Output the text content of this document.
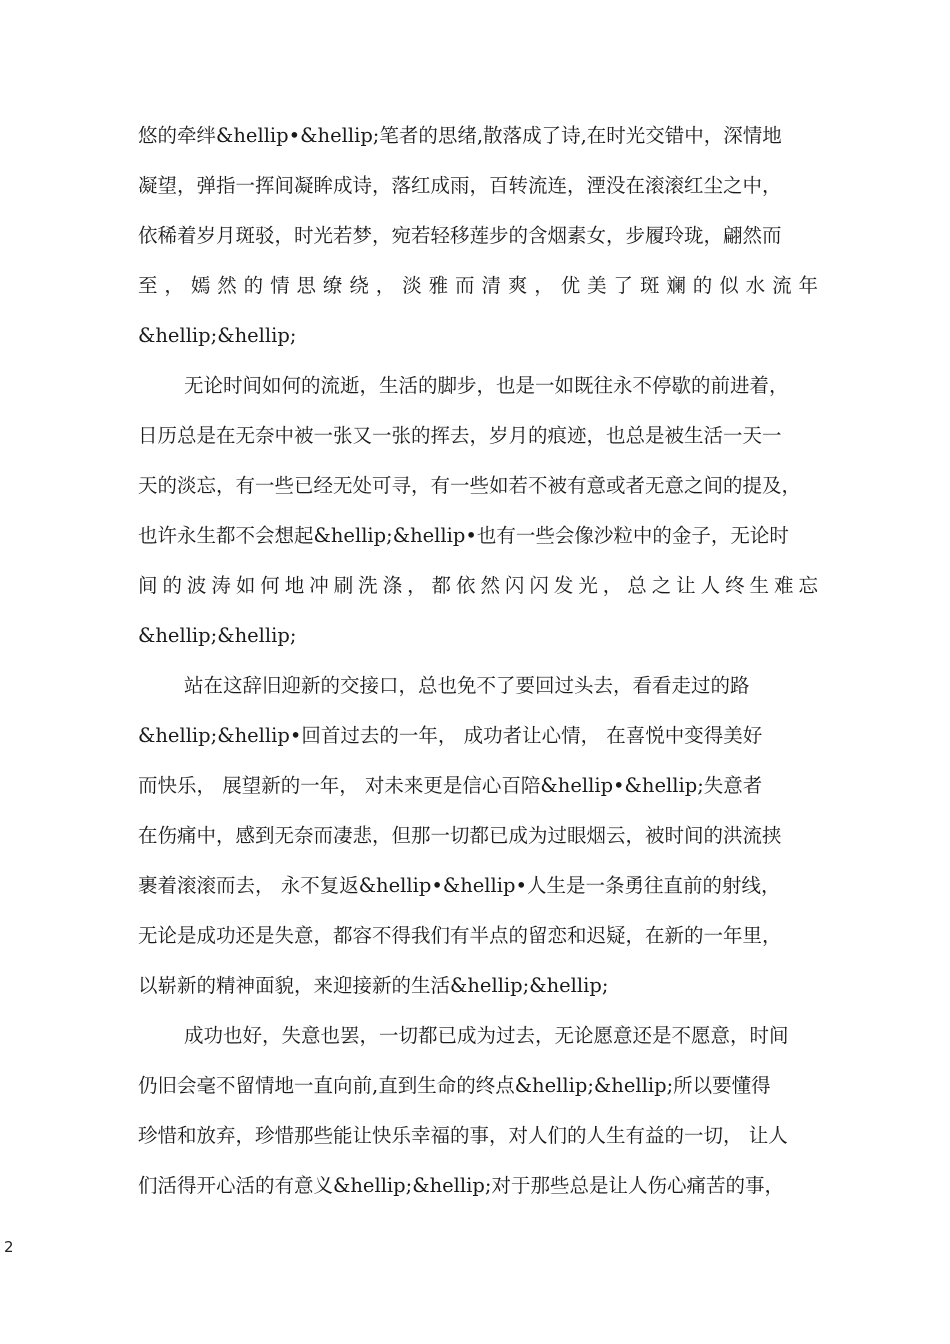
悠的牵绊&hellip•&hellip;笔者的思绪,散落成了诗,在时光交错中，深情地
凝望，弹指一挥间凝眸成诗，落红成雨，百转流连，湮没在滚滚红尘之中，
依稀着岁月斑驳，时光若梦，宛若轻移莲步的含烟素女，步履玲珑，翩然而
至，嫣然的情思缭绕，淡雅而清爽，优美了斑斓的似水流年
&hellip;&hellip;
无论时间如何的流逝，生活的脚步，也是一如既往永不停歇的前进着，
日历总是在无奈中被一张又一张的挥去，岁月的痕迹，也总是被生活一天一
天的淡忘，有一些已经无处可寻，有一些如若不被有意或者无意之间的提及，
也许永生都不会想起&hellip;&hellip•也有一些会像沙粒中的金子，无论时
间的波涛如何地冲刷洗涤，都依然闪闪发光，总之让人终生难忘
&hellip;&hellip;
站在这辞旧迎新的交接口，总也免不了要回过头去，看看走过的路
&hellip;&hellip•回首过去的一年， 成功者让心情， 在喜悦中变得美好
而快乐， 展望新的一年， 对未来更是信心百陪&hellip•&hellip;失意者
在伤痛中，感到无奈而凄悲，但那一切都已成为过眼烟云，被时间的洪流挟
裹着滚滚而去， 永不复返&hellip•&hellip•人生是一条勇往直前的射线，
无论是成功还是失意，都容不得我们有半点的留恋和迟疑，在新的一年里，
以崭新的精神面貌，来迎接新的生活&hellip;&hellip;
成功也好，失意也罢，一切都已成为过去，无论愿意还是不愿意，时间
仍旧会毫不留情地一直向前,直到生命的终点&hellip;&hellip;所以要懂得
珍惜和放弃，珍惜那些能让快乐幸福的事，对人们的人生有益的一切， 让人
们活得开心活的有意义&hellip;&hellip;对于那些总是让人伤心痛苦的事，
2
